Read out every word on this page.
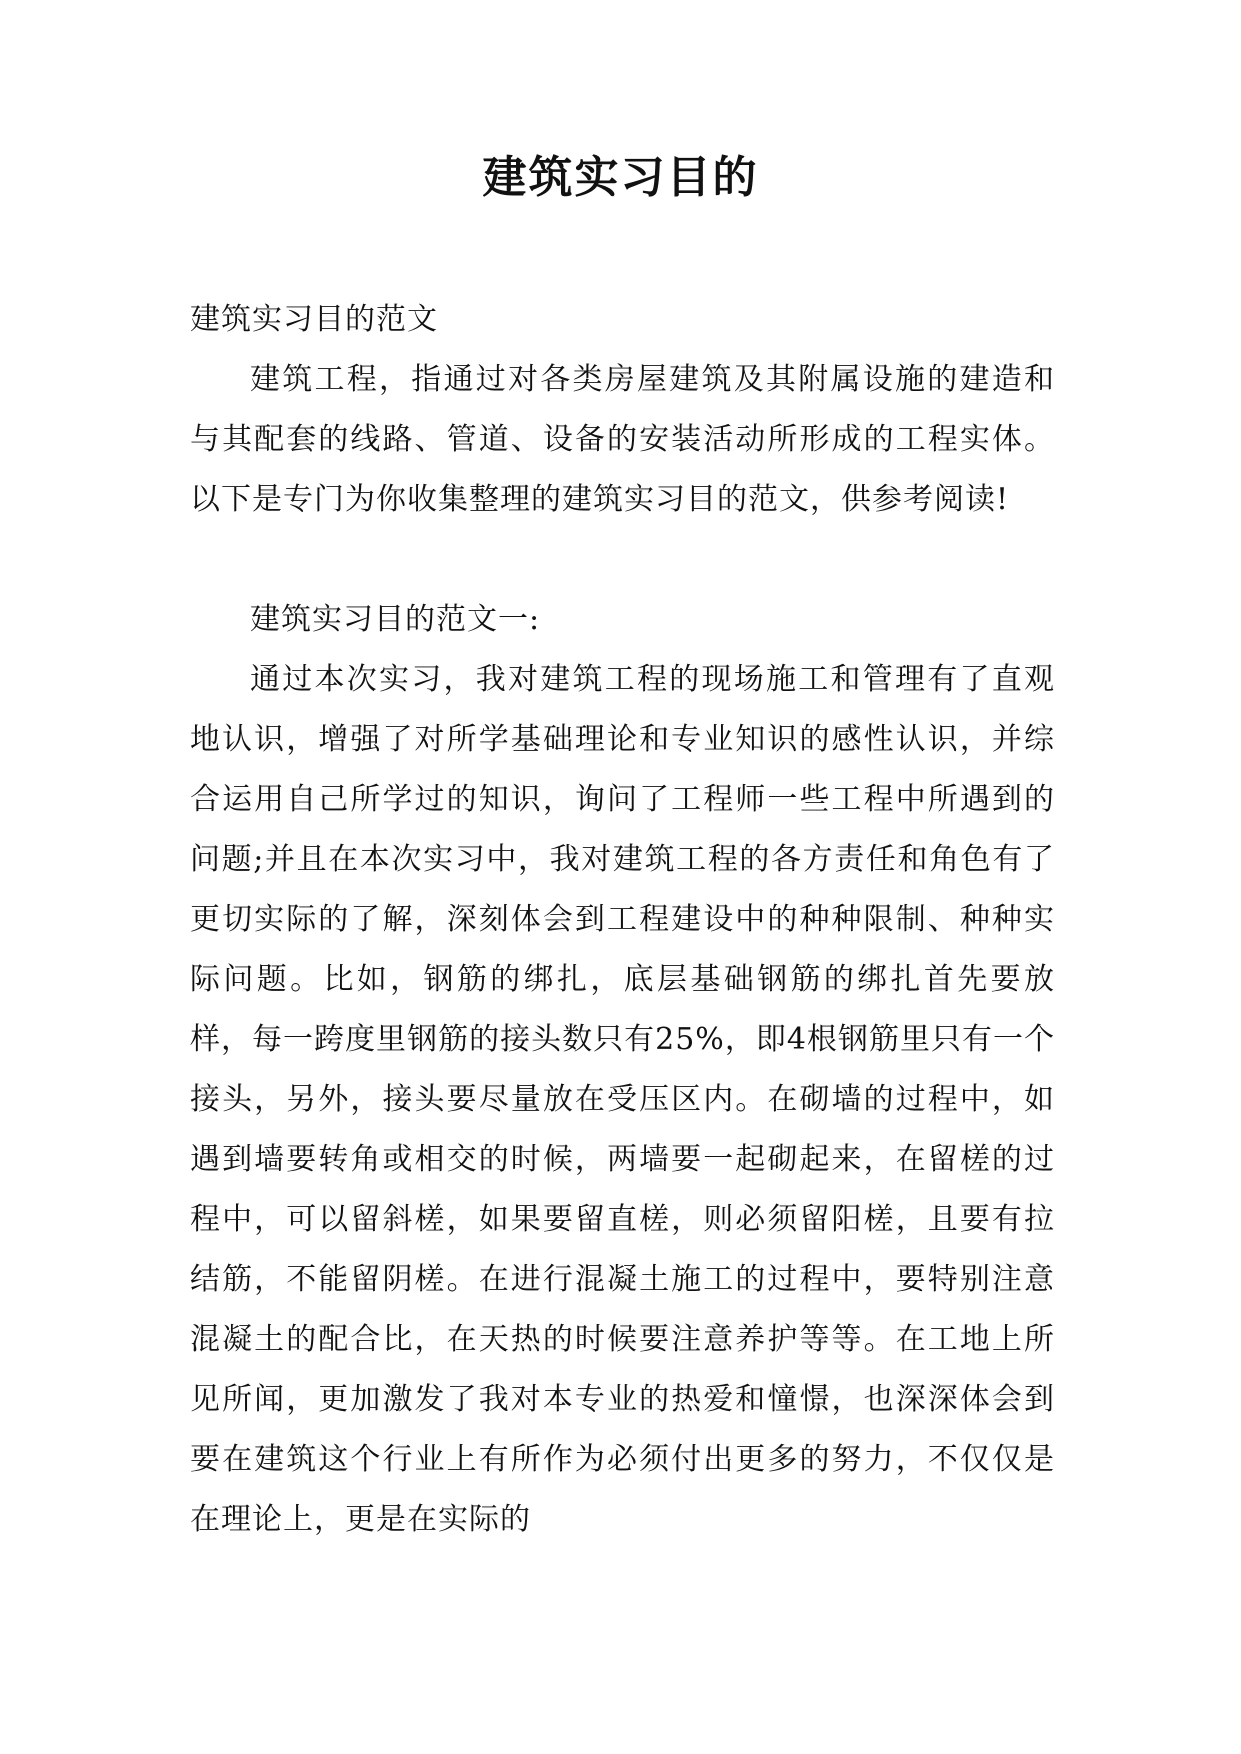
建筑实习目的

建筑实习目的范文

建筑工程，指通过对各类房屋建筑及其附属设施的建造和与其配套的线路、管道、设备的安装活动所形成的工程实体。以下是专门为你收集整理的建筑实习目的范文，供参考阅读!

建筑实习目的范文一:

通过本次实习，我对建筑工程的现场施工和管理有了直观地认识，增强了对所学基础理论和专业知识的感性认识，并综合运用自己所学过的知识，询问了工程师一些工程中所遇到的问题;并且在本次实习中，我对建筑工程的各方责任和角色有了更切实际的了解，深刻体会到工程建设中的种种限制、种种实际问题。比如，钢筋的绑扎，底层基础钢筋的绑扎首先要放样，每一跨度里钢筋的接头数只有25%，即4根钢筋里只有一个接头，另外，接头要尽量放在受压区内。在砌墙的过程中，如遇到墙要转角或相交的时候，两墙要一起砌起来，在留槎的过程中，可以留斜槎，如果要留直槎，则必须留阳槎，且要有拉结筋，不能留阴槎。在进行混凝土施工的过程中，要特别注意混凝土的配合比，在天热的时候要注意养护等等。在工地上所见所闻，更加激发了我对本专业的热爱和憧憬，也深深体会到要在建筑这个行业上有所作为必须付出更多的努力，不仅仅是在理论上，更是在实际的
